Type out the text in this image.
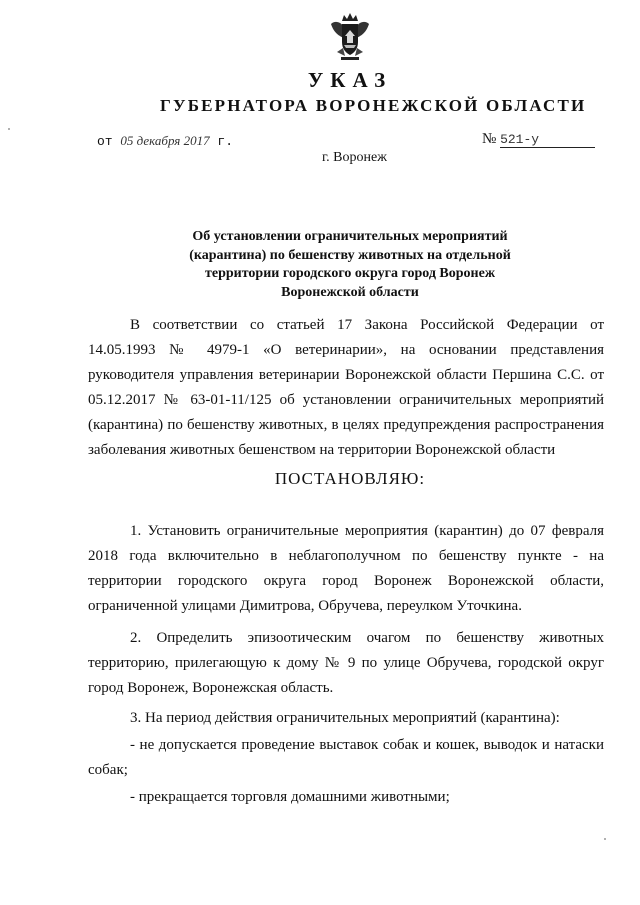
УКАЗ
ГУБЕРНАТОРА ВОРОНЕЖСКОЙ ОБЛАСТИ
от 05 декабря 2017 г.	№ 521-у
г. Воронеж
Об установлении ограничительных мероприятий (карантина) по бешенству животных на отдельной территории городского округа город Воронеж Воронежской области
В соответствии со статьей 17 Закона Российской Федерации от 14.05.1993 № 4979-1 «О ветеринарии», на основании представления руководителя управления ветеринарии Воронежской области Першина С.С. от 05.12.2017 № 63-01-11/125 об установлении ограничительных мероприятий (карантина) по бешенству животных, в целях предупреждения распространения заболевания животных бешенством на территории Воронежской области
ПОСТАНОВЛЯЮ:
1. Установить ограничительные мероприятия (карантин) до 07 февраля 2018 года включительно в неблагополучном по бешенству пункте - на территории городского округа город Воронеж Воронежской области, ограниченной улицами Димитрова, Обручева, переулком Уточкина.
2. Определить эпизоотическим очагом по бешенству животных территорию, прилегающую к дому № 9 по улице Обручева, городской округ город Воронеж, Воронежская область.
3. На период действия ограничительных мероприятий (карантина):
- не допускается проведение выставок собак и кошек, выводок и натаски собак;
- прекращается торговля домашними животными;
